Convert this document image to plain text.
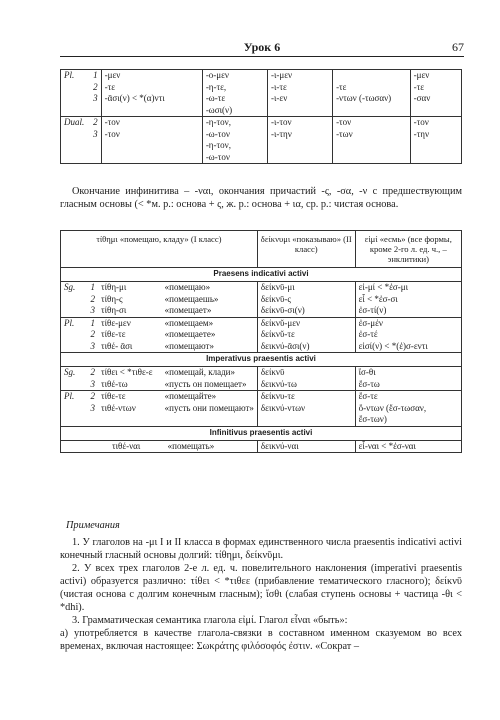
Урок 6	67
Pl.	1	-μεν	-ο-μεν	-ι-μεν		-μεν
	2	-τε	-η-τε,	-ι-τε	-τε	-τε
	3	-ᾱσι(ν) < *(α)ντι	-ω-τε	-ι-εν	-ντων (-τωσαν)	-σαν
			-ωσι(ν)			
Dual.	2	-τον	-η-τον,	-ι-τον	-τον	-τον
	3	-τον	-ω-τον	-ι-την	-των	-την
			-η-τον,			
			-ω-τον			
Окончание инфинитива – -ναι, окончания причастий -ς, -σα, -ν с предшествующим гласным основы (< *м. р.: основа + ς, ж. р.: основа + ια, ср. р.: чистая основа.
τίθημι «помещаю, кладу» (I класс)				δείκνυμι «показываю» (II класс)	εἰμί «есмь» (все формы, кроме 2-го л. ед. ч., – энклитики)
Praesens indicativi activi					
Sg.	1	τίθη-μι	«помещаю»	δείκνῡ-μι	εἰ-μί < *ἐσ-μι
	2	τίθη-ς	«помещаешь»	δείκνῡ-ς	εἶ < *ἐσ-σι
	3	τίθη-σι	«помещает»	δείκνῡ-σι(ν)	ἐσ-τί(ν)
Pl.	1	τίθε-μεν	«помещаем»	δείκνῠ-μεν	ἐσ-μέν
	2	τίθε-τε	«помещаете»	δείκνῠ-τε	ἐσ-τέ
	3	τιθέ- ᾱσι	«помещают»	δεικνύ-ᾱσι(ν)	εἰσί(ν) < *(ἐ)σ-εντι
Imperativus praesentis activi					
Sg.	2	τίθει < *τιθε-ε	«помещай, клади»	δείκνῡ	ἴσ-θι
	3	τιθέ-τω	«пусть он помещает»	δεικνύ-τω	ἔσ-τω
Pl.	2	τίθε-τε	«помещайте»	δείκνυ-τε	ἔσ-τε
	3	τιθέ-ντων	«пусть они помещают»	δεικνύ-ντων	ὄ-ντων (ἔσ-τωσαν,
					ἔσ-των)
Infinitivus praesentis activi					
		τιθέ-ναι	«помещать»	δεικνύ-ναι	εἶ-ναι < *ἐσ-ναι
Примечания
1. У глаголов на -μι I и II класса в формах единственного числа praesentis indicativi activi конечный гласный основы долгий: τίθημι, δείκνῡμι.
2. У всех трех глаголов 2-е л. ед. ч. повелительного наклонения (imperativi praesentis activi) образуется различно: τίθει < *τιθεε (прибавление тематического гласного); δείκνῡ (чистая основа с долгим конечным гласным); ἴσθι (слабая ступень основы + частица -θι < *dhi).
3. Грамматическая семантика глагола εἰμί. Глагол εἶναι «быть»:
а) употребляется в качестве глагола-связки в составном именном сказуемом во всех временах, включая настоящее: Σωκράτης φιλόσοφός ἐστιν. «Сократ –
